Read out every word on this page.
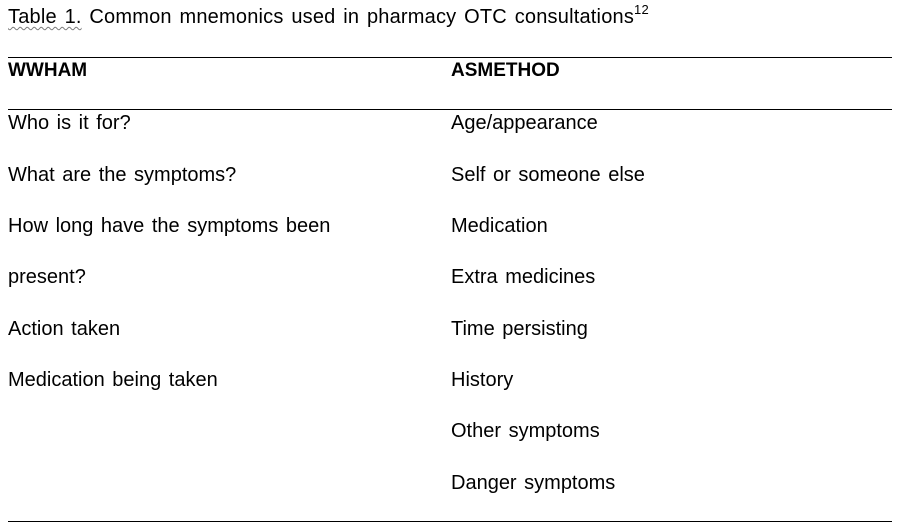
Table 1. Common mnemonics used in pharmacy OTC consultations$^{12}$
WWHAM
Who is it for?
What are the symptoms?
How long have the symptoms been
present?
Action taken
Medication being taken
ASMETHOD
Age/appearance
Self or someone else
Medication
Extra medicines
Time persisting
History
Other symptoms
Danger symptoms
